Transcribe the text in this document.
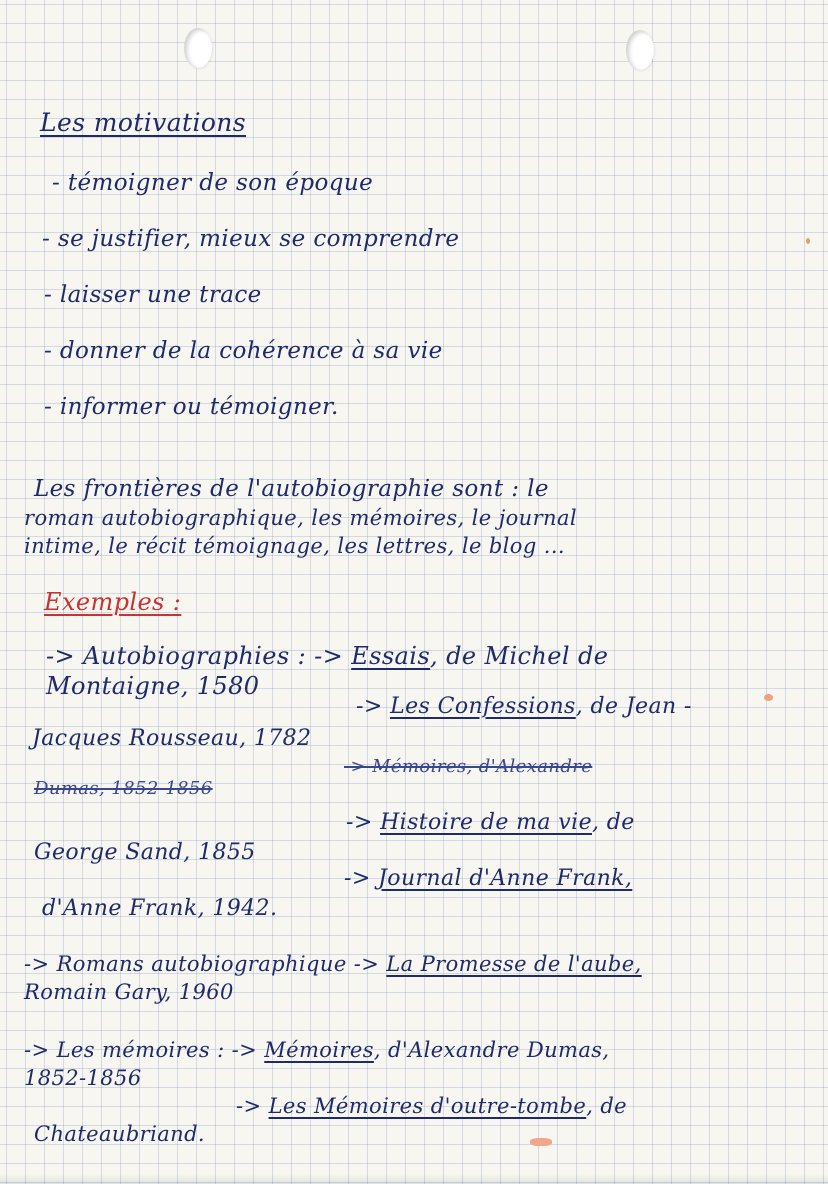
Les motivations
- témoigner de son époque
- se justifier, mieux se comprendre
- laisser une trace
- donner de la cohérence à sa vie
- informer ou témoigner.
Les frontières de l'autobiographie sont : le
roman autobiographique, les mémoires, le journal
intime, le récit témoignage, les lettres, le blog ...
Exemples :
-> Autobiographies : -> Essais, de Michel de
Montaigne, 1580
-> Les Confessions, de Jean -
Jacques Rousseau, 1782
-> Mémoires, d'Alexandre
Dumas, 1852-1856
-> Histoire de ma vie, de
George Sand, 1855
-> Journal d'Anne Frank,
d'Anne Frank, 1942.
-> Romans autobiographique -> La Promesse de l'aube,
Romain Gary, 1960
-> Les mémoires : -> Mémoires, d'Alexandre Dumas,
1852-1856
-> Les Mémoires d'outre-tombe, de
Chateaubriand.
